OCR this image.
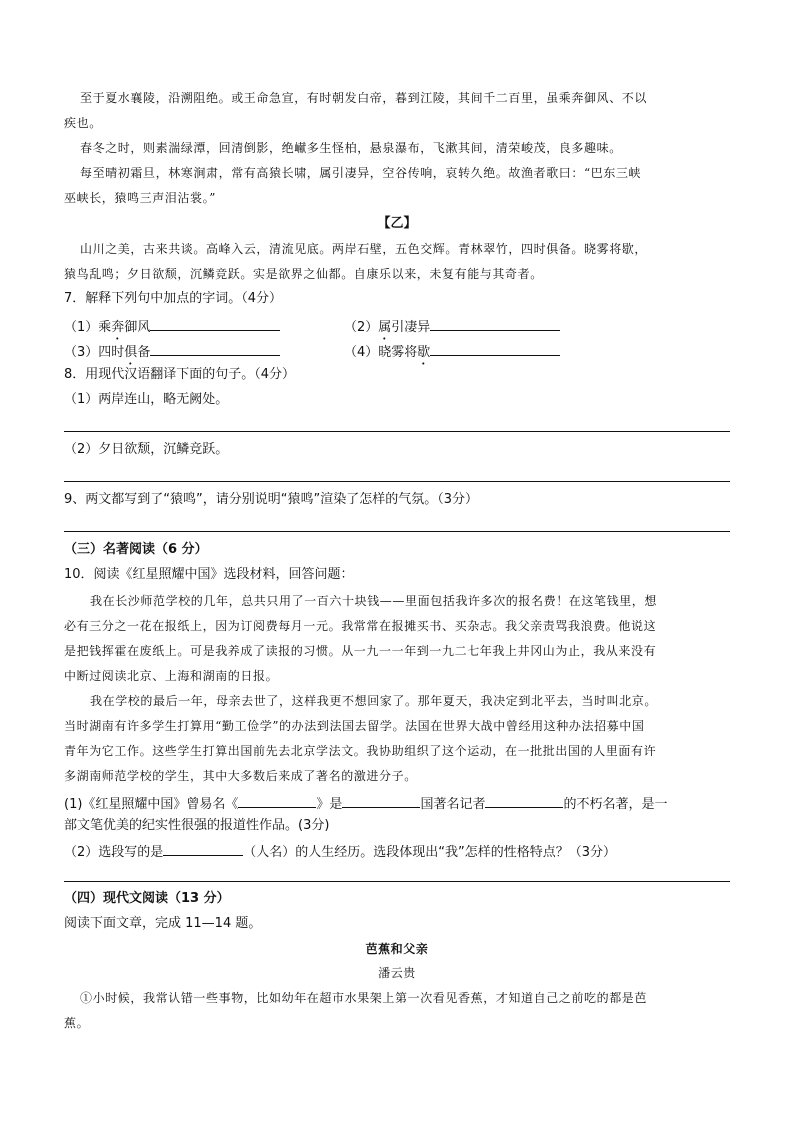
至于夏水襄陵，沿溯阻绝。或王命急宣，有时朝发白帝，暮到江陵，其间千二百里，虽乘奔御风、不以
疾也。
春冬之时，则素湍绿潭，回清倒影，绝𪩘多生怪柏，悬泉瀑布，飞漱其间，清荣峻茂，良多趣味。
每至晴初霜旦，林寒涧肃，常有高猿长啸，属引凄异，空谷传响，哀转久绝。故渔者歌曰：“巴东三峡
巫峡长，猿鸣三声泪沾裳。”
【乙】
山川之美，古来共谈。高峰入云，清流见底。两岸石壁，五色交辉。青林翠竹，四时俱备。晓雾将歇，
猿鸟乱鸣；夕日欲颓，沉鳞竞跃。实是欲界之仙都。自康乐以来，未复有能与其奇者。
7．解释下列句中加点的字词。（4分）
（1）乘奔御风	（2）属引凄异
（3）四时俱备	（4）晓雾将歇
8．用现代汉语翻译下面的句子。（4分）
（1）两岸连山，略无阙处。
（2）夕日欲颓，沉鳞竞跃。
9、两文都写到了“猿鸣”，请分别说明“猿鸣”渲染了怎样的气氛。（3分）
（三）名著阅读（6 分）
10．阅读《红星照耀中国》选段材料，回答问题：
我在长沙师范学校的几年，总共只用了一百六十块钱——里面包括我许多次的报名费！在这笔钱里，想
必有三分之一花在报纸上，因为订阅费每月一元。我常常在报摊买书、买杂志。我父亲责骂我浪费。他说这
是把钱挥霍在废纸上。可是我养成了读报的习惯。从一九一一年到一九二七年我上井冈山为止，我从来没有
中断过阅读北京、上海和湖南的日报。
我在学校的最后一年，母亲去世了，这样我更不想回家了。那年夏天，我决定到北平去，当时叫北京。
当时湖南有许多学生打算用“勤工俭学”的办法到法国去留学。法国在世界大战中曾经用这种办法招募中国
青年为它工作。这些学生打算出国前先去北京学法文。我协助组织了这个运动，在一批批出国的人里面有许
多湖南师范学校的学生，其中大多数后来成了著名的激进分子。
(1)《红星照耀中国》曾易名《	》是	国著名记者	的不朽名著，是一
部文笔优美的纪实性很强的报道性作品。(3分)
（2）选段写的是	（人名）的人生经历。选段体现出“我”怎样的性格特点？（3分）
（四）现代文阅读（13 分）
阅读下面文章，完成 11—14 题。
芭蕉和父亲
潘云贵
①小时候，我常认错一些事物，比如幼年在超市水果架上第一次看见香蕉，才知道自己之前吃的都是芭
蕉。
